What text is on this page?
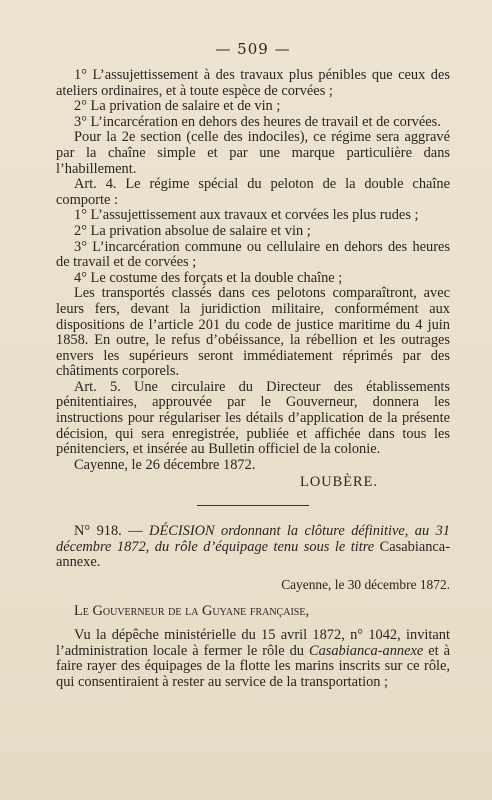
— 509 —

1° L’assujettissement à des travaux plus pénibles que ceux des ateliers ordinaires, et à toute espèce de corvées ;

2° La privation de salaire et de vin ;

3° L’incarcération en dehors des heures de travail et de corvées.

Pour la 2e section (celle des indociles), ce régime sera aggravé par la chaîne simple et par une marque particulière dans l’habillement.

Art. 4. Le régime spécial du peloton de la double chaîne comporte :

1° L’assujettissement aux travaux et corvées les plus rudes ;

2° La privation absolue de salaire et vin ;

3° L’incarcération commune ou cellulaire en dehors des heures de travail et de corvées ;

4° Le costume des forçats et la double chaîne ;

Les transportés classés dans ces pelotons comparaîtront, avec leurs fers, devant la juridiction militaire, conformément aux dispositions de l’article 201 du code de justice maritime du 4 juin 1858. En outre, le refus d’obéissance, la rébellion et les outrages envers les supérieurs seront immédiatement réprimés par des châtiments corporels.

Art. 5. Une circulaire du Directeur des établissements pénitentiaires, approuvée par le Gouverneur, donnera les instructions pour régulariser les détails d’application de la présente décision, qui sera enregistrée, publiée et affichée dans tous les pénitenciers, et insérée au Bulletin officiel de la colonie.

Cayenne, le 26 décembre 1872.

LOUBÈRE.

N° 918. — DÉCISION ordonnant la clôture définitive, au 31 décembre 1872, du rôle d’équipage tenu sous le titre Casabianca-annexe.

Cayenne, le 30 décembre 1872.

Le Gouverneur de la Guyane française,

Vu la dépêche ministérielle du 15 avril 1872, n° 1042, invitant l’administration locale à fermer le rôle du Casabianca-annexe et à faire rayer des équipages de la flotte les marins inscrits sur ce rôle, qui consentiraient à rester au service de la transportation ;
